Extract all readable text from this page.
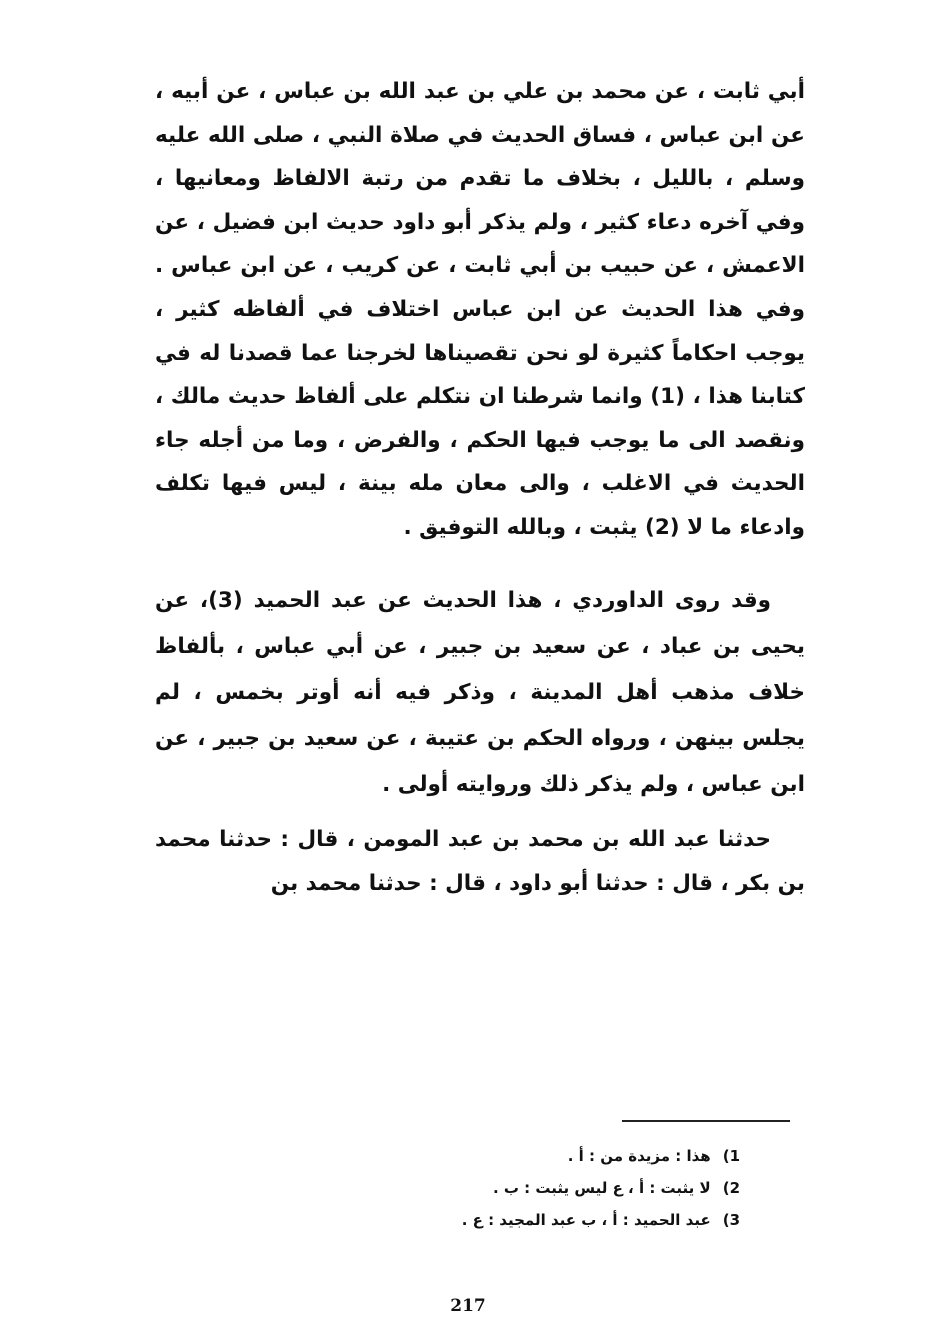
أبي ثابت ، عن محمد بن علي بن عبد الله بن عباس ، عن أبيه ، عن ابن عباس ، فساق الحديث في صلاة النبي ، صلى الله عليه وسلم ، بالليل ، بخلاف ما تقدم من رتبة الالفاظ ومعانيها ، وفي آخره دعاء كثير ، ولم يذكر أبو داود حديث ابن فضيل ، عن الاعمش ، عن حبيب بن أبي ثابت ، عن كريب ، عن ابن عباس . وفي هذا الحديث عن ابن عباس اختلاف في ألفاظه كثير ، يوجب احكاماً كثيرة لو نحن تقصيناها لخرجنا عما قصدنا له في كتابنا هذا ، (1) وانما شرطنا ان نتكلم على ألفاظ حديث مالك ، ونقصد الى ما يوجب فيها الحكم ، والفرض ، وما من أجله جاء الحديث في الاغلب ، والى معان مله بينة ، ليس فيها تكلف وادعاء ما لا (2) يثبت ، وبالله التوفيق .

وقد روى الداوردي ، هذا الحديث عن عبد الحميد (3)، عن يحيى بن عباد ، عن سعيد بن جبير ، عن أبي عباس ، بألفاظ خلاف مذهب أهل المدينة ، وذكر فيه أنه أوتر بخمس ، لم يجلس بينهن ، ورواه الحكم بن عتيبة ، عن سعيد بن جبير ، عن ابن عباس ، ولم يذكر ذلك وروايته أولى .

حدثنا عبد الله بن محمد بن عبد المومن ، قال : حدثنا محمد بن بكر ، قال : حدثنا أبو داود ، قال : حدثنا محمد بن

1)هذا : مزيدة من : أ .
2)لا يثبت : أ ، ع ليس يثبت : ب .
3)عبد الحميد : أ ، ب عبد المجيد : ع .
217
